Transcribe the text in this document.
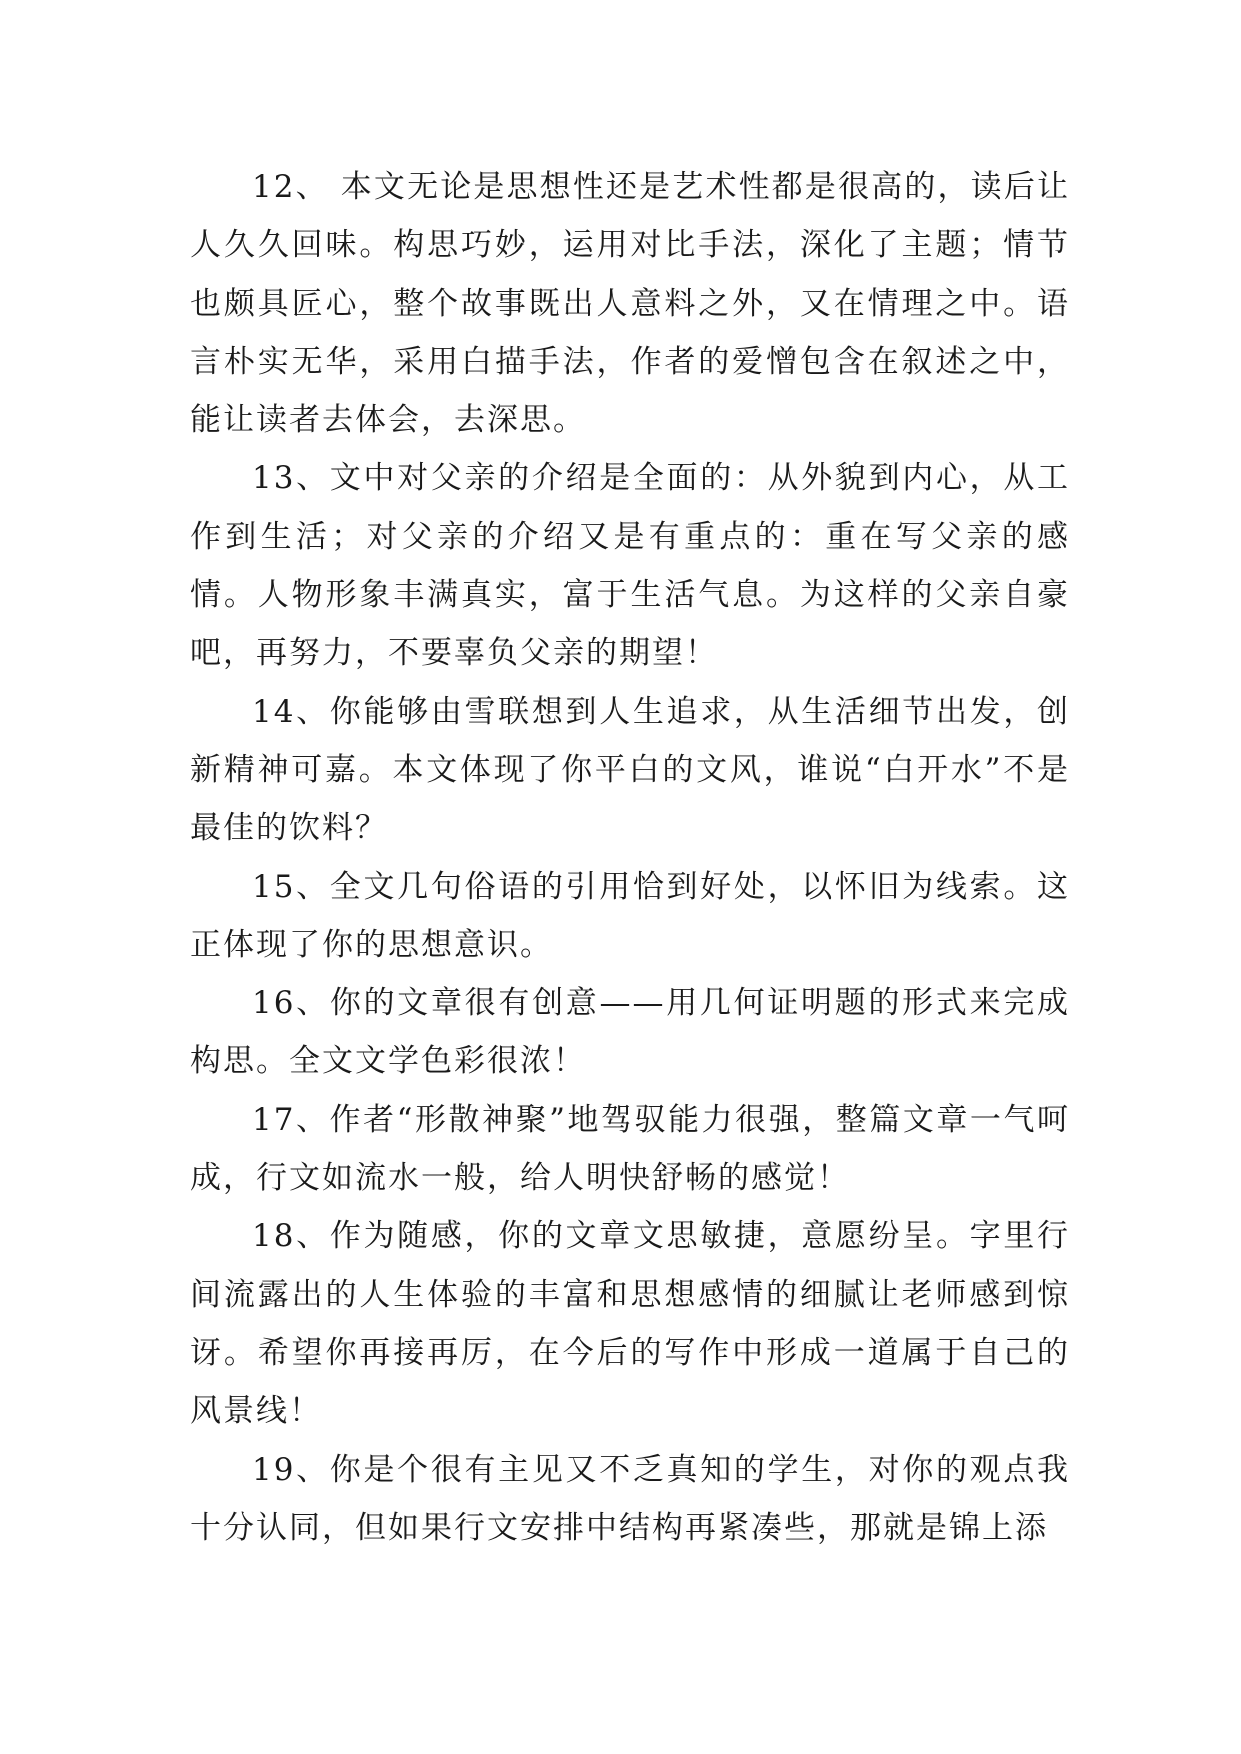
12、 本文无论是思想性还是艺术性都是很高的，读后让人久久回味。构思巧妙，运用对比手法，深化了主题；情节也颇具匠心，整个故事既出人意料之外，又在情理之中。语言朴实无华，采用白描手法，作者的爱憎包含在叙述之中，能让读者去体会，去深思。

13、文中对父亲的介绍是全面的：从外貌到内心，从工作到生活；对父亲的介绍又是有重点的：重在写父亲的感情。人物形象丰满真实，富于生活气息。为这样的父亲自豪吧，再努力，不要辜负父亲的期望！

14、你能够由雪联想到人生追求，从生活细节出发，创新精神可嘉。本文体现了你平白的文风，谁说“白开水”不是最佳的饮料？

15、全文几句俗语的引用恰到好处，以怀旧为线索。这正体现了你的思想意识。

16、你的文章很有创意——用几何证明题的形式来完成构思。全文文学色彩很浓！

17、作者“形散神聚”地驾驭能力很强，整篇文章一气呵成，行文如流水一般，给人明快舒畅的感觉！

18、作为随感，你的文章文思敏捷，意愿纷呈。字里行间流露出的人生体验的丰富和思想感情的细腻让老师感到惊讶。希望你再接再厉，在今后的写作中形成一道属于自己的风景线！

19、你是个很有主见又不乏真知的学生，对你的观点我十分认同，但如果行文安排中结构再紧凑些，那就是锦上添
